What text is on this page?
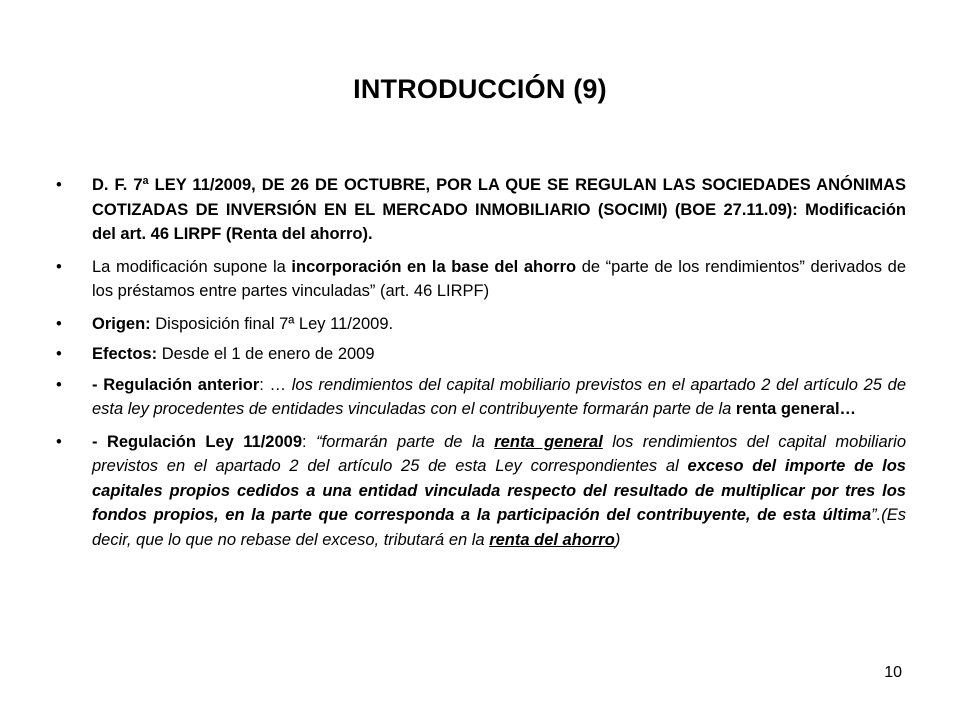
INTRODUCCIÓN (9)
• D. F. 7ª LEY 11/2009, DE 26 DE OCTUBRE, POR LA QUE SE REGULAN LAS SOCIEDADES ANÓNIMAS COTIZADAS DE INVERSIÓN EN EL MERCADO INMOBILIARIO (SOCIMI) (BOE 27.11.09): Modificación del art. 46 LIRPF (Renta del ahorro).
• La modificación supone la incorporación en la base del ahorro de “parte de los rendimientos” derivados de los préstamos entre partes vinculadas” (art. 46 LIRPF)
• Origen: Disposición final 7ª Ley 11/2009.
• Efectos: Desde el 1 de enero de 2009
• - Regulación anterior: … los rendimientos del capital mobiliario previstos en el apartado 2 del artículo 25 de esta ley procedentes de entidades vinculadas con el contribuyente formarán parte de la renta general…
• - Regulación Ley 11/2009: “formarán parte de la renta general los rendimientos del capital mobiliario previstos en el apartado 2 del artículo 25 de esta Ley correspondientes al exceso del importe de los capitales propios cedidos a una entidad vinculada respecto del resultado de multiplicar por tres los fondos propios, en la parte que corresponda a la participación del contribuyente, de esta última”.(Es decir, que lo que no rebase del exceso, tributará en la renta del ahorro)
10
